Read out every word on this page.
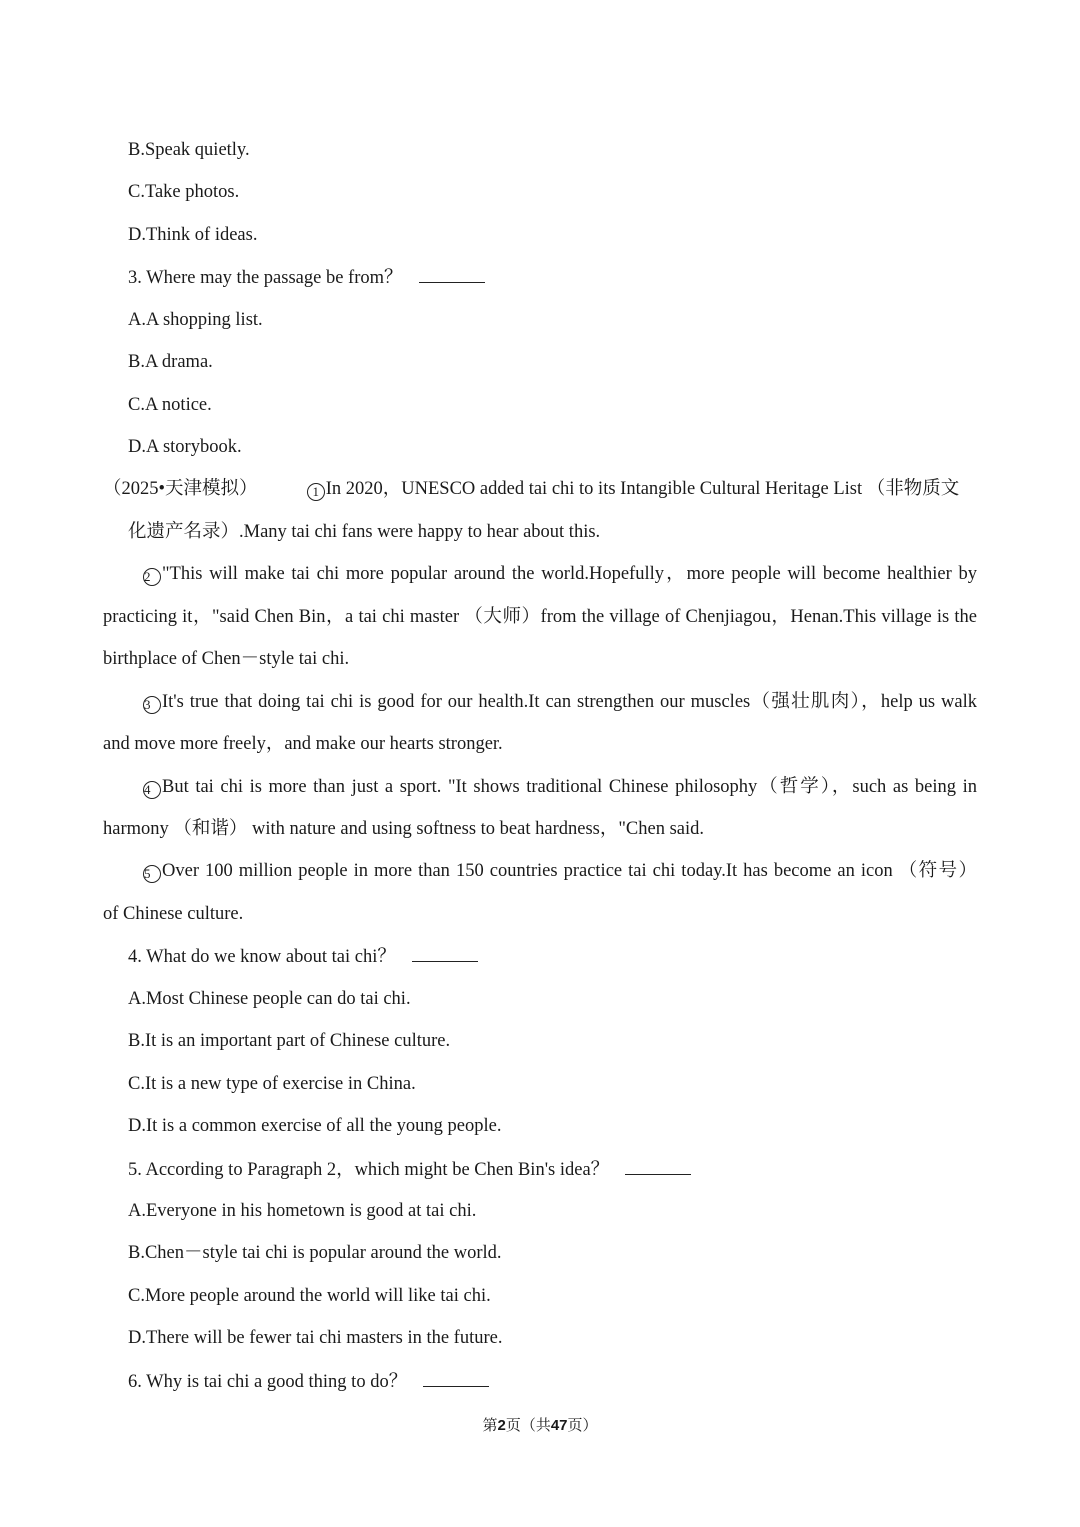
B.Speak quietly.
C.Take photos.
D.Think of ideas.
3. Where may the passage be from？
A.A shopping list.
B.A drama.
C.A notice.
D.A storybook.
（2025•天津模拟）	1 In 2020，UNESCO added tai chi to its Intangible Cultural Heritage List （非物质文
化遗产名录）.Many tai chi fans were happy to hear about this.
2 "This will make tai chi more popular around the world.Hopefully，more people will become healthier by
practicing it，"said Chen Bin，a tai chi master （大师）from the village of Chenjiagou，Henan.This village is the
birthplace of Chen－style tai chi.
3 It's true that doing tai chi is good for our health.It can strengthen our muscles（强壮肌肉），help us walk
and move more freely，and make our hearts stronger.
4 But tai chi is more than just a sport. "It shows traditional Chinese philosophy（哲学），such as being in
harmony （和谐） with nature and using softness to beat hardness，"Chen said.
5 Over 100 million people in more than 150 countries practice tai chi today.It has become an icon （符号）
of Chinese culture.
4. What do we know about tai chi？
A.Most Chinese people can do tai chi.
B.It is an important part of Chinese culture.
C.It is a new type of exercise in China.
D.It is a common exercise of all the young people.
5. According to Paragraph 2，which might be Chen Bin's idea？
A.Everyone in his hometown is good at tai chi.
B.Chen－style tai chi is popular around the world.
C.More people around the world will like tai chi.
D.There will be fewer tai chi masters in the future.
6. Why is tai chi a good thing to do？
第2页（共47页）
